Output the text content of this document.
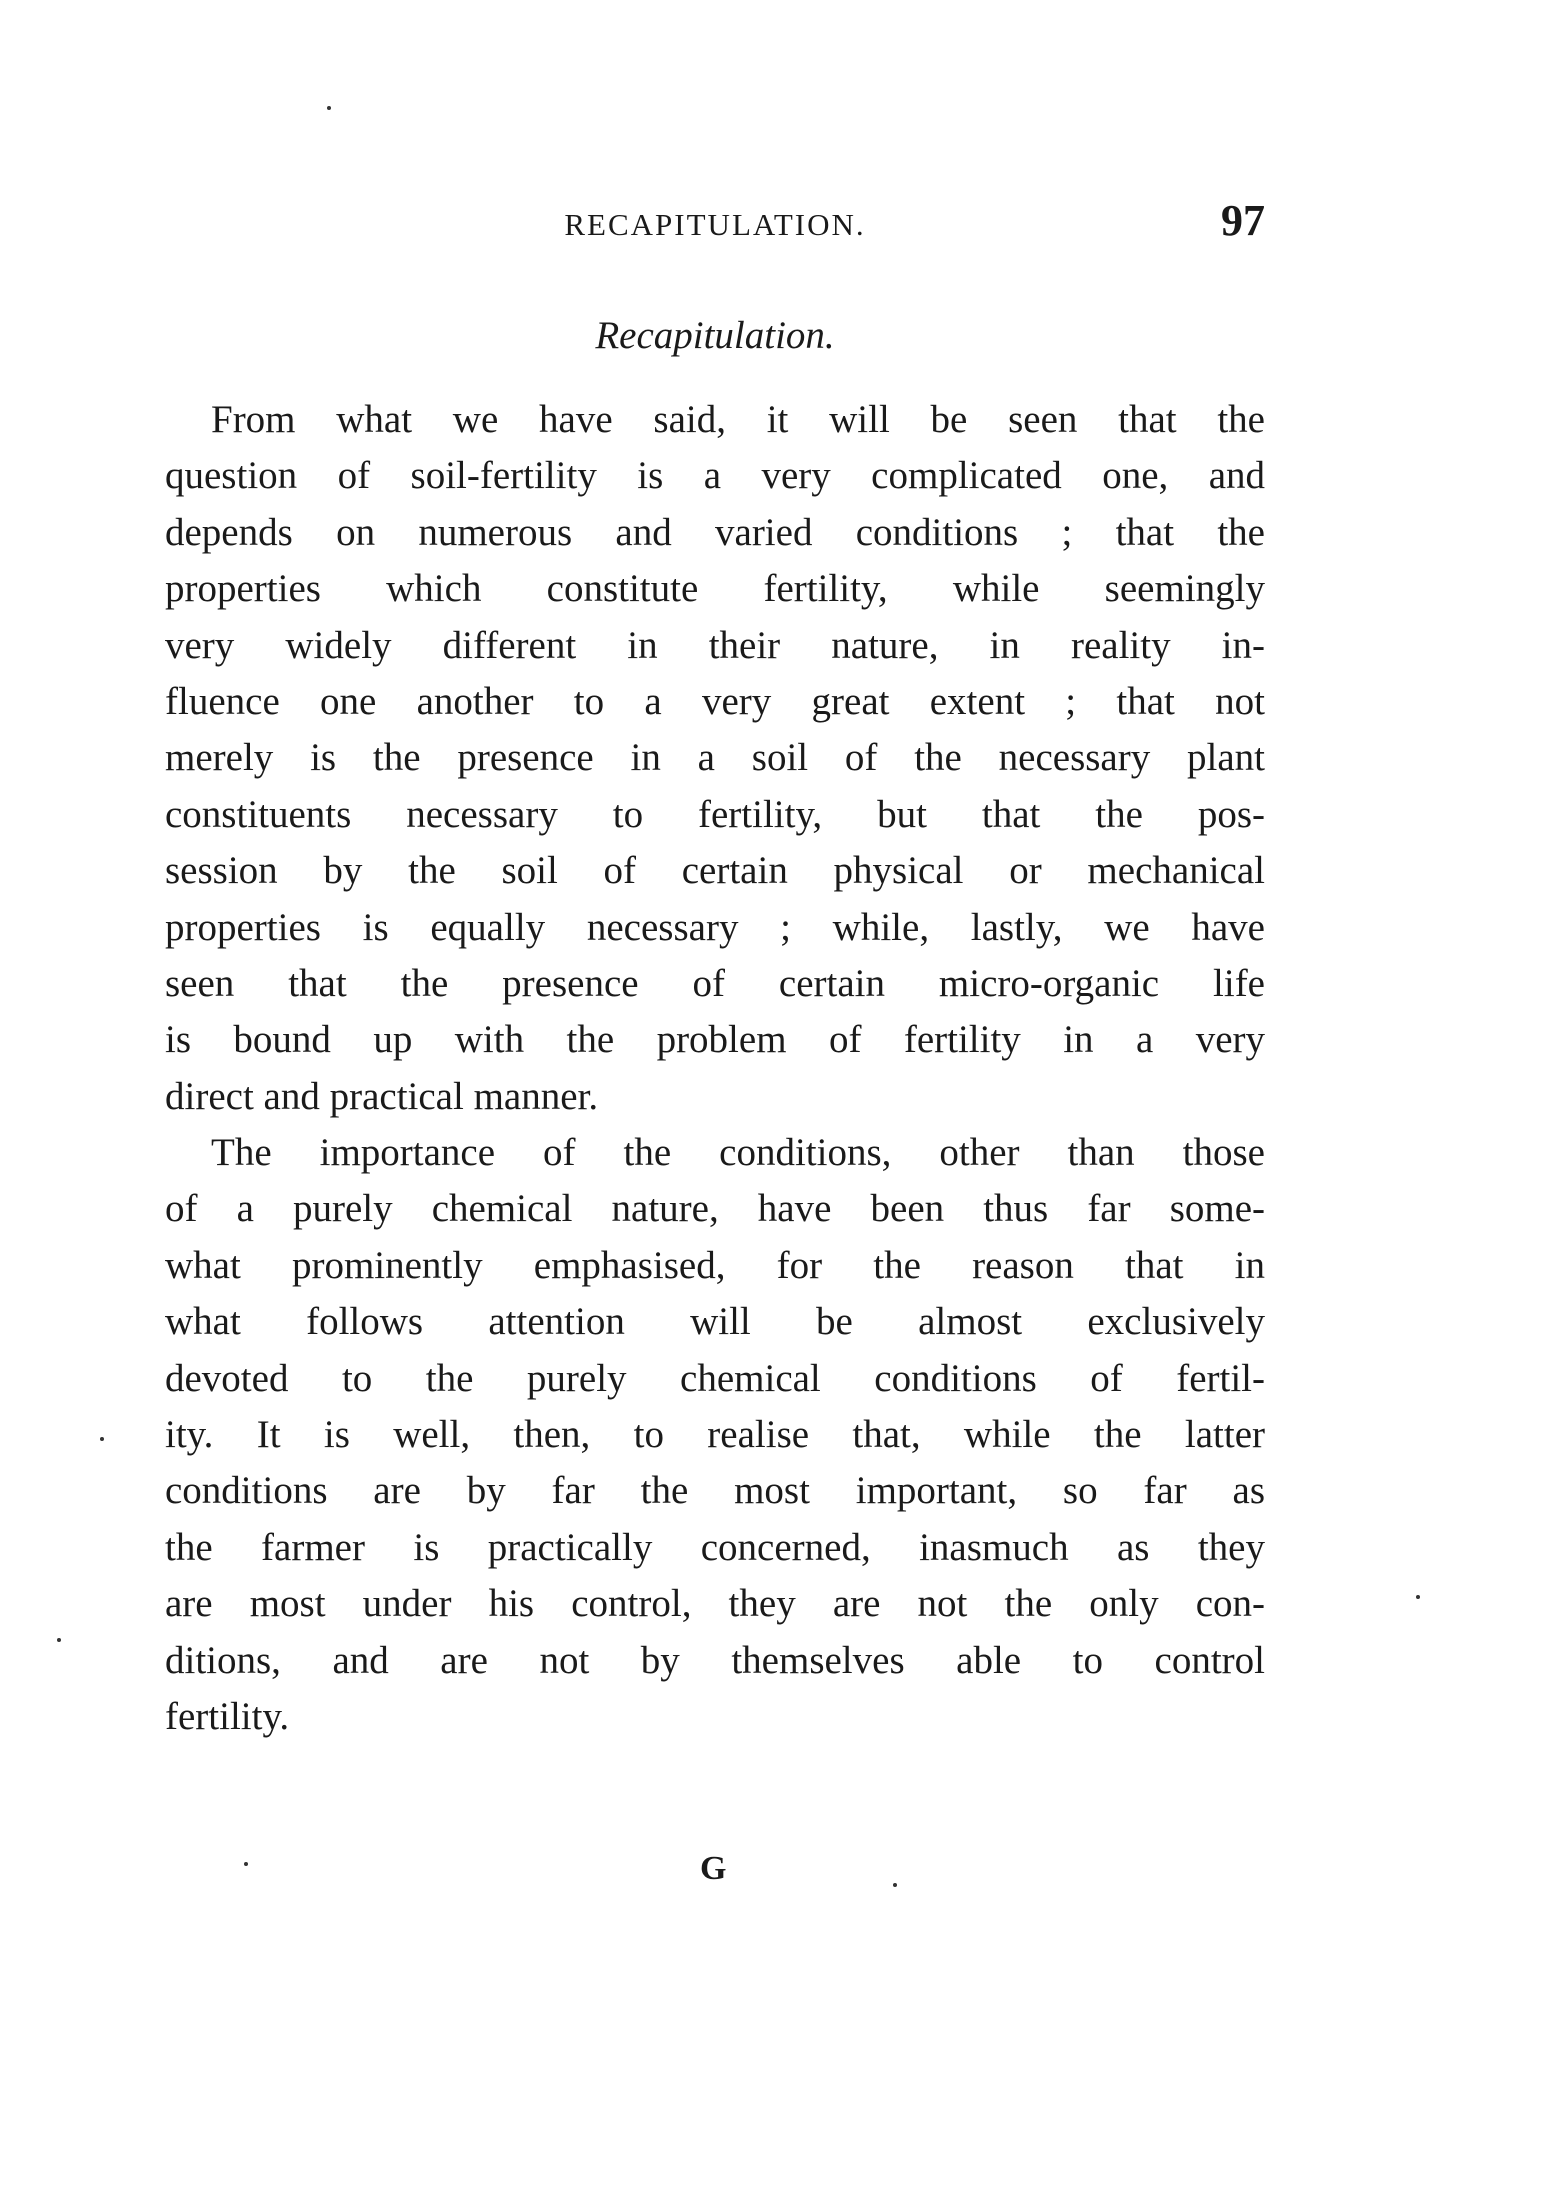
RECAPITULATION.	97
Recapitulation.
From what we have said, it will be seen that the
question of soil-fertility is a very complicated one, and
depends on numerous and varied conditions ; that the
properties which constitute fertility, while seemingly
very widely different in their nature, in reality in-
fluence one another to a very great extent ; that not
merely is the presence in a soil of the necessary plant
constituents necessary to fertility, but that the pos-
session by the soil of certain physical or mechanical
properties is equally necessary ; while, lastly, we have
seen that the presence of certain micro-organic life
is bound up with the problem of fertility in a very
direct and practical manner.
The importance of the conditions, other than those
of a purely chemical nature, have been thus far some-
what prominently emphasised, for the reason that in
what follows attention will be almost exclusively
devoted to the purely chemical conditions of fertil-
ity. It is well, then, to realise that, while the latter
conditions are by far the most important, so far as
the farmer is practically concerned, inasmuch as they
are most under his control, they are not the only con-
ditions, and are not by themselves able to control
fertility.
G
